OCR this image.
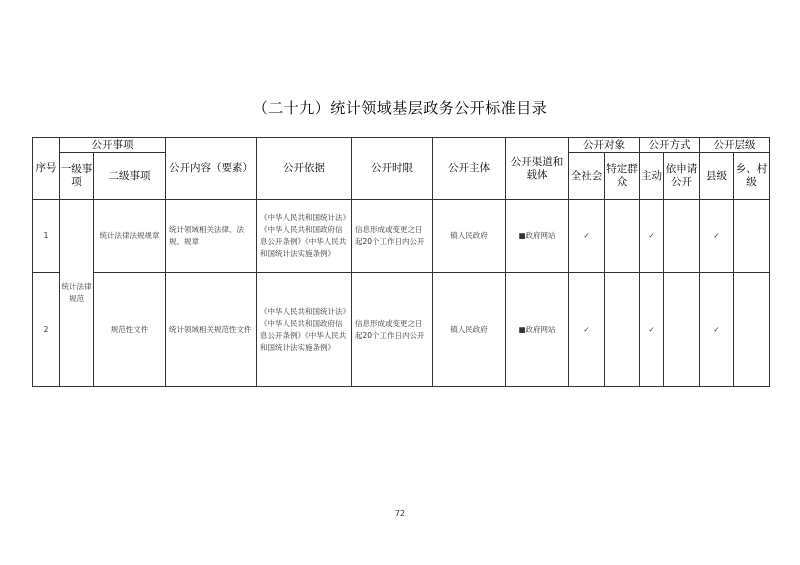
（二十九）统计领域基层政务公开标准目录
序号	公开事项		公开内容（要素）	公开依据	公开时限	公开主体	公开渠道和载体	公开对象		公开方式		公开层级	
	一级事项	二级事项						全社会	特定群众	主动	依申请公开	县级	乡、村级
1	统计法律规范	统计法律法规规章	统计领域相关法律、法规、规章	《中华人民共和国统计法》《中华人民共和国政府信息公开条例》《中华人民共和国统计法实施条例》	信息形成或变更之日起20个工作日内公开	镇人民政府	■政府网站	✓		✓		✓	
2		规范性文件	统计领域相关规范性文件	《中华人民共和国统计法》《中华人民共和国政府信息公开条例》《中华人民共和国统计法实施条例》	信息形成或变更之日起20个工作日内公开	镇人民政府	■政府网站	✓		✓		✓	
72
